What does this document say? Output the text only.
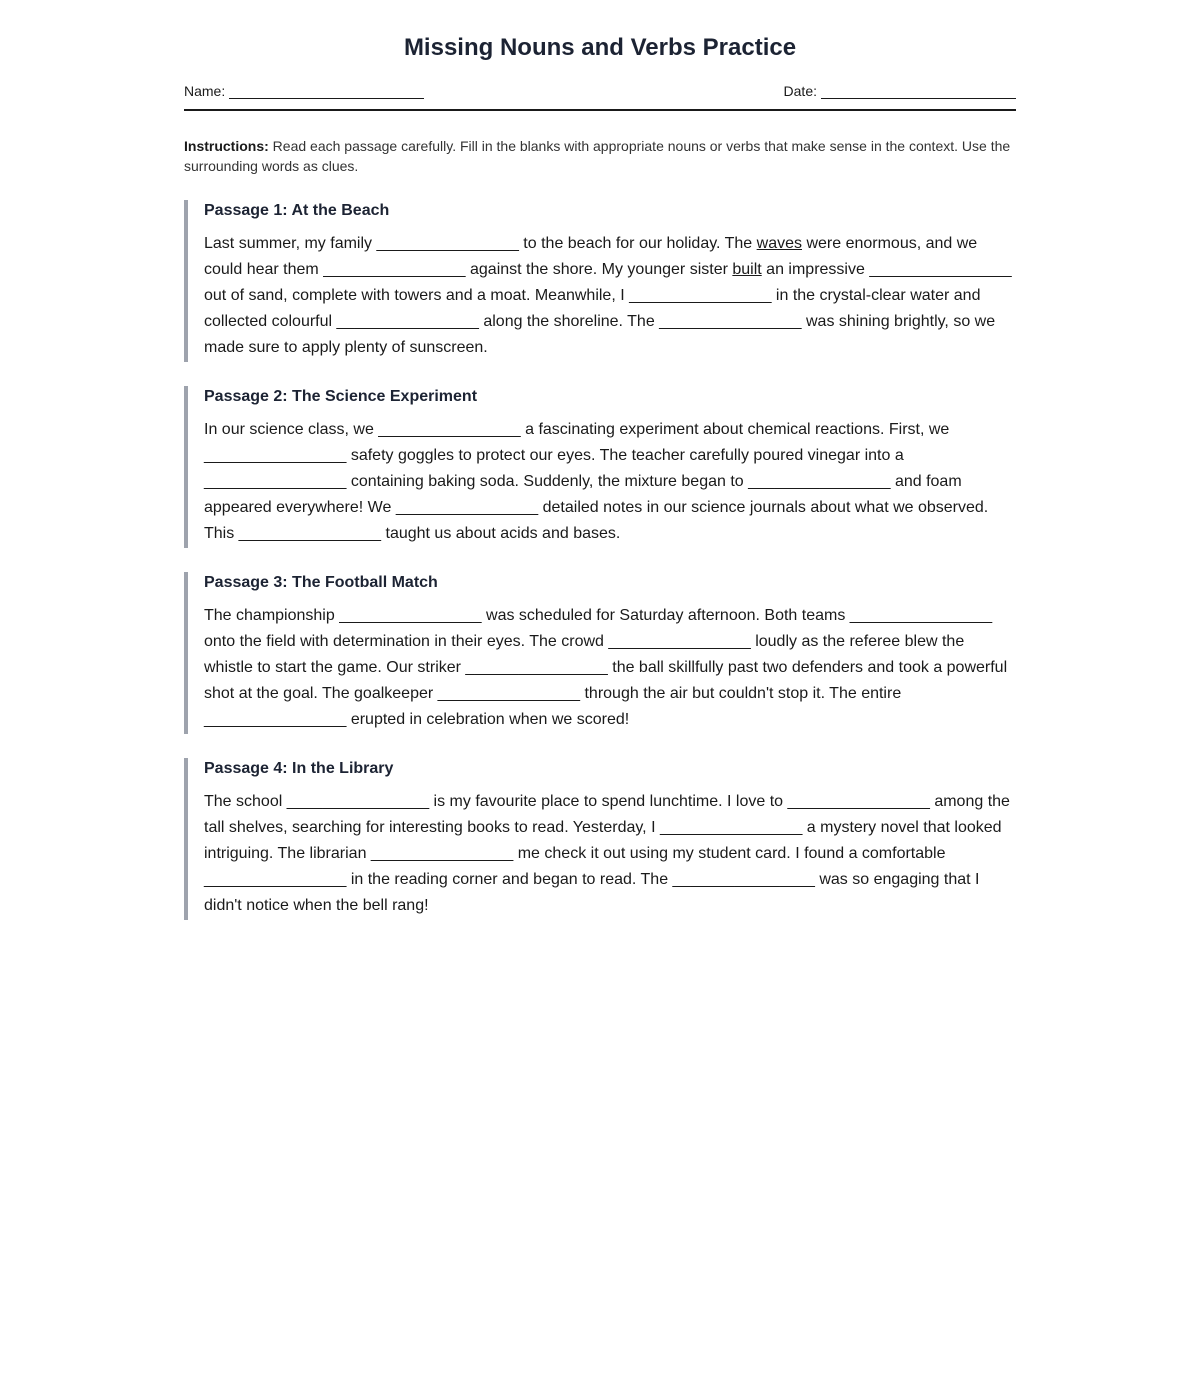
Missing Nouns and Verbs Practice
Name:	Date:

Instructions: Read each passage carefully. Fill in the blanks with appropriate nouns or verbs that make sense in the context. Use the surrounding words as clues.

Passage 1: At the Beach

Last summer, my family ________________ to the beach for our holiday. The waves were enormous, and we could hear them ________________ against the shore. My younger sister built an impressive ________________ out of sand, complete with towers and a moat. Meanwhile, I ________________ in the crystal-clear water and collected colourful ________________ along the shoreline. The ________________ was shining brightly, so we made sure to apply plenty of sunscreen.

Passage 2: The Science Experiment

In our science class, we ________________ a fascinating experiment about chemical reactions. First, we ________________ safety goggles to protect our eyes. The teacher carefully poured vinegar into a ________________ containing baking soda. Suddenly, the mixture began to ________________ and foam appeared everywhere! We ________________ detailed notes in our science journals about what we observed. This ________________ taught us about acids and bases.

Passage 3: The Football Match

The championship ________________ was scheduled for Saturday afternoon. Both teams ________________ onto the field with determination in their eyes. The crowd ________________ loudly as the referee blew the whistle to start the game. Our striker ________________ the ball skillfully past two defenders and took a powerful shot at the goal. The goalkeeper ________________ through the air but couldn't stop it. The entire ________________ erupted in celebration when we scored!

Passage 4: In the Library

The school ________________ is my favourite place to spend lunchtime. I love to ________________ among the tall shelves, searching for interesting books to read. Yesterday, I ________________ a mystery novel that looked intriguing. The librarian ________________ me check it out using my student card. I found a comfortable ________________ in the reading corner and began to read. The ________________ was so engaging that I didn't notice when the bell rang!
